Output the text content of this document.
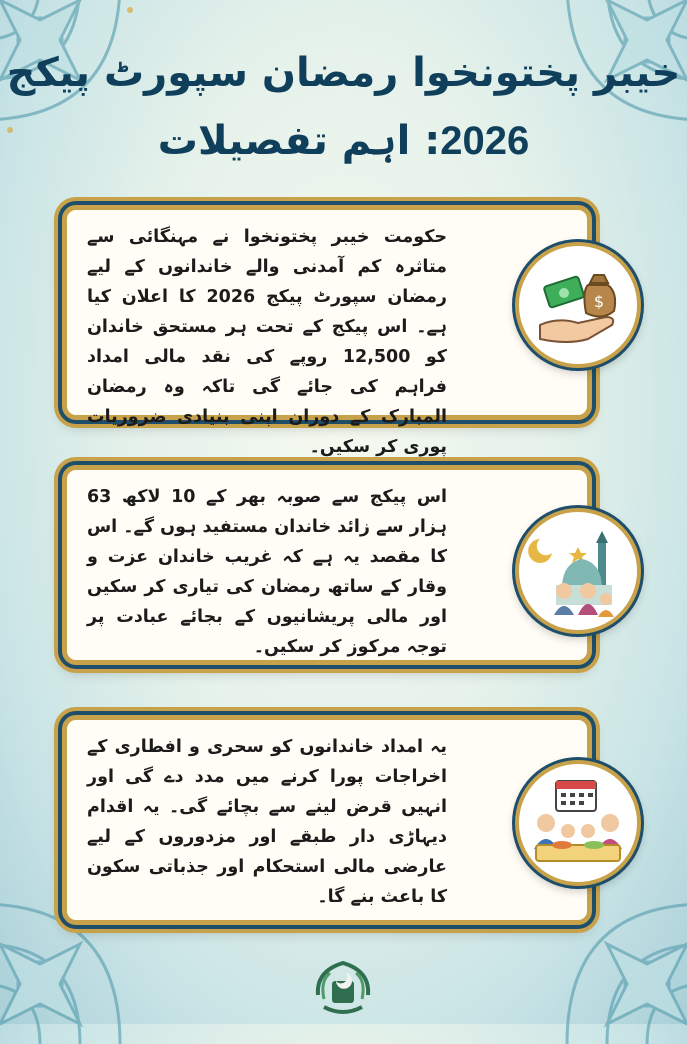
خیبر پختونخوا رمضان سپورٹ پیکج
2026: اہم تفصیلات
حکومت خیبر پختونخوا نے مہنگائی سے متاثرہ کم آمدنی والے خاندانوں کے لیے رمضان سپورٹ پیکج 2026 کا اعلان کیا ہے۔ اس پیکج کے تحت ہر مستحق خاندان کو 12,500 روپے کی نقد مالی امداد فراہم کی جائے گی تاکہ وہ رمضان المبارک کے دوران اپنی بنیادی ضروریات پوری کر سکیں۔
$
اس پیکج سے صوبہ بھر کے 10 لاکھ 63 ہزار سے زائد خاندان مستفید ہوں گے۔ اس کا مقصد یہ ہے کہ غریب خاندان عزت و وقار کے ساتھ رمضان کی تیاری کر سکیں اور مالی پریشانیوں کے بجائے عبادت پر توجہ مرکوز کر سکیں۔
یہ امداد خاندانوں کو سحری و افطاری کے اخراجات پورا کرنے میں مدد دے گی اور انہیں قرض لینے سے بچائے گی۔ یہ اقدام دیہاڑی دار طبقے اور مزدوروں کے لیے عارضی مالی استحکام اور جذباتی سکون کا باعث بنے گا۔
